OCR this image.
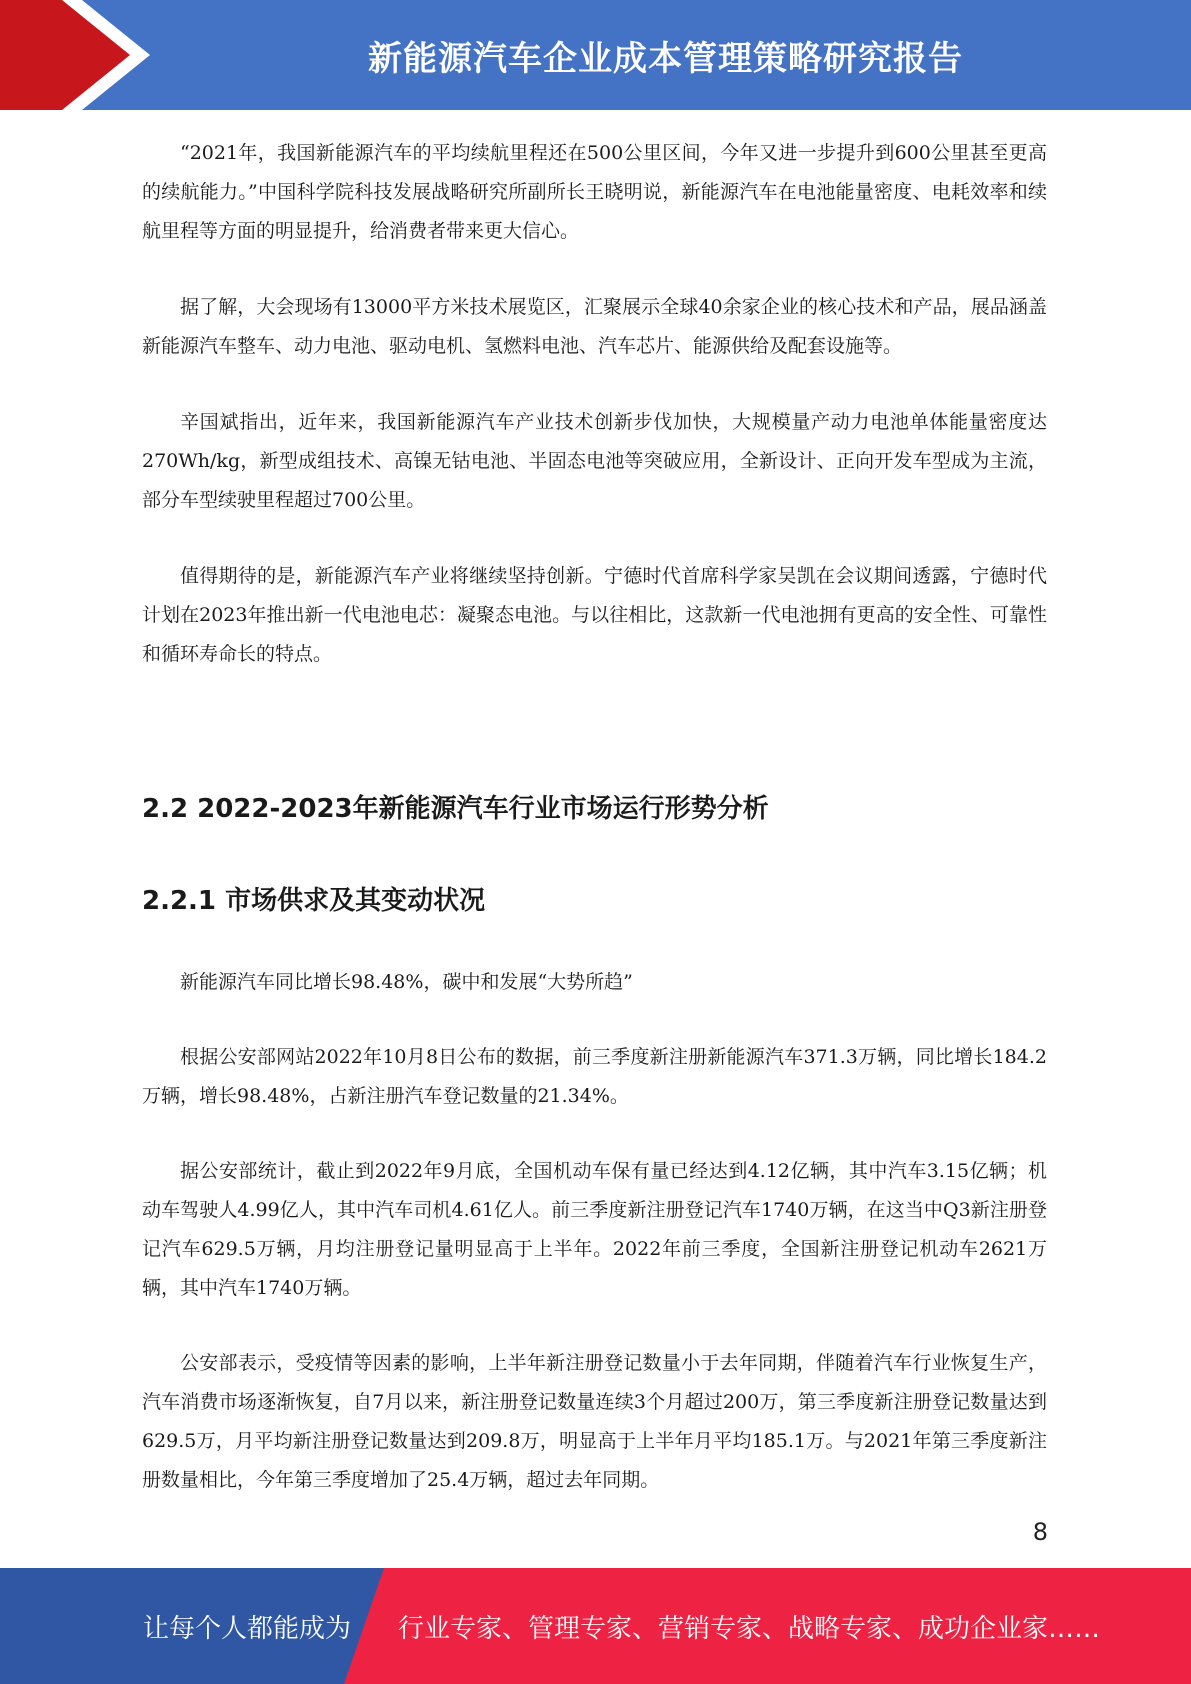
新能源汽车企业成本管理策略研究报告

“2021年，我国新能源汽车的平均续航里程还在500公里区间，今年又进一步提升到600公里甚至更高的续航能力。”中国科学院科技发展战略研究所副所长王晓明说，新能源汽车在电池能量密度、电耗效率和续航里程等方面的明显提升，给消费者带来更大信心。

据了解，大会现场有13000平方米技术展览区，汇聚展示全球40余家企业的核心技术和产品，展品涵盖新能源汽车整车、动力电池、驱动电机、氢燃料电池、汽车芯片、能源供给及配套设施等。

辛国斌指出，近年来，我国新能源汽车产业技术创新步伐加快，大规模量产动力电池单体能量密度达270Wh/kg，新型成组技术、高镍无钴电池、半固态电池等突破应用，全新设计、正向开发车型成为主流，部分车型续驶里程超过700公里。

值得期待的是，新能源汽车产业将继续坚持创新。宁德时代首席科学家吴凯在会议期间透露，宁德时代计划在2023年推出新一代电池电芯：凝聚态电池。与以往相比，这款新一代电池拥有更高的安全性、可靠性和循环寿命长的特点。

2.2 2022-2023年新能源汽车行业市场运行形势分析
2.2.1 市场供求及其变动状况

新能源汽车同比增长98.48%，碳中和发展“大势所趋”

根据公安部网站2022年10月8日公布的数据，前三季度新注册新能源汽车371.3万辆，同比增长184.2万辆，增长98.48%，占新注册汽车登记数量的21.34%。

据公安部统计，截止到2022年9月底，全国机动车保有量已经达到4.12亿辆，其中汽车3.15亿辆；机动车驾驶人4.99亿人，其中汽车司机4.61亿人。前三季度新注册登记汽车1740万辆，在这当中Q3新注册登记汽车629.5万辆，月均注册登记量明显高于上半年。2022年前三季度，全国新注册登记机动车2621万辆，其中汽车1740万辆。

公安部表示，受疫情等因素的影响，上半年新注册登记数量小于去年同期，伴随着汽车行业恢复生产，汽车消费市场逐渐恢复，自7月以来，新注册登记数量连续3个月超过200万，第三季度新注册登记数量达到629.5万，月平均新注册登记数量达到209.8万，明显高于上半年月平均185.1万。与2021年第三季度新注册数量相比，今年第三季度增加了25.4万辆，超过去年同期。

8
让每个人都能成为 行业专家、管理专家、营销专家、战略专家、成功企业家……
